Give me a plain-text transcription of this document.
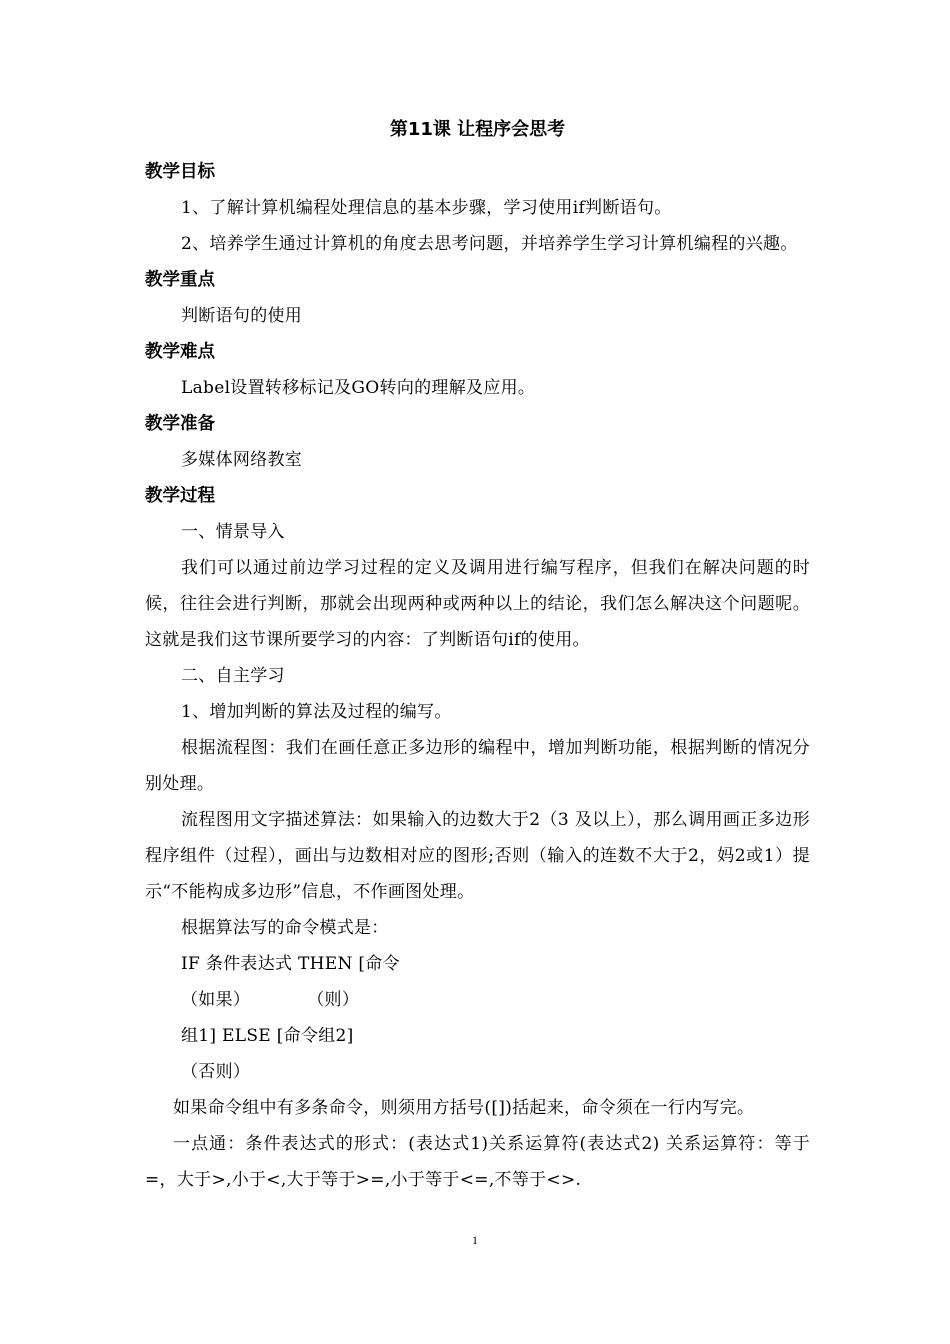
第11课 让程序会思考
教学目标
1、了解计算机编程处理信息的基本步骤，学习使用if判断语句。
2、培养学生通过计算机的角度去思考问题，并培养学生学习计算机编程的兴趣。
教学重点
判断语句的使用
教学难点
Label设置转移标记及GO转向的理解及应用。
教学准备
多媒体网络教室
教学过程
一、情景导入
我们可以通过前边学习过程的定义及调用进行编写程序，但我们在解决问题的时候，往往会进行判断，那就会出现两种或两种以上的结论，我们怎么解决这个问题呢。这就是我们这节课所要学习的内容：了判断语句if的使用。
二、自主学习
1、增加判断的算法及过程的编写。
根据流程图：我们在画任意正多边形的编程中，增加判断功能，根据判断的情况分别处理。
流程图用文字描述算法：如果输入的边数大于2（3 及以上），那么调用画正多边形程序组件（过程），画出与边数相对应的图形;否则（输入的连数不大于2，妈2或1）提示“不能构成多边形”信息，不作画图处理。
根据算法写的命令模式是：
IF 条件表达式 THEN [命令
（如果）          （则）
组1] ELSE [命令组2]
（否则）
如果命令组中有多条命令，则须用方括号([])括起来，命令须在一行内写完。
一点通：条件表达式的形式：(表达式1)关系运算符(表达式2) 关系运算符：等于=，大于>,小于<,大于等于>=,小于等于<=,不等于<>.
1
